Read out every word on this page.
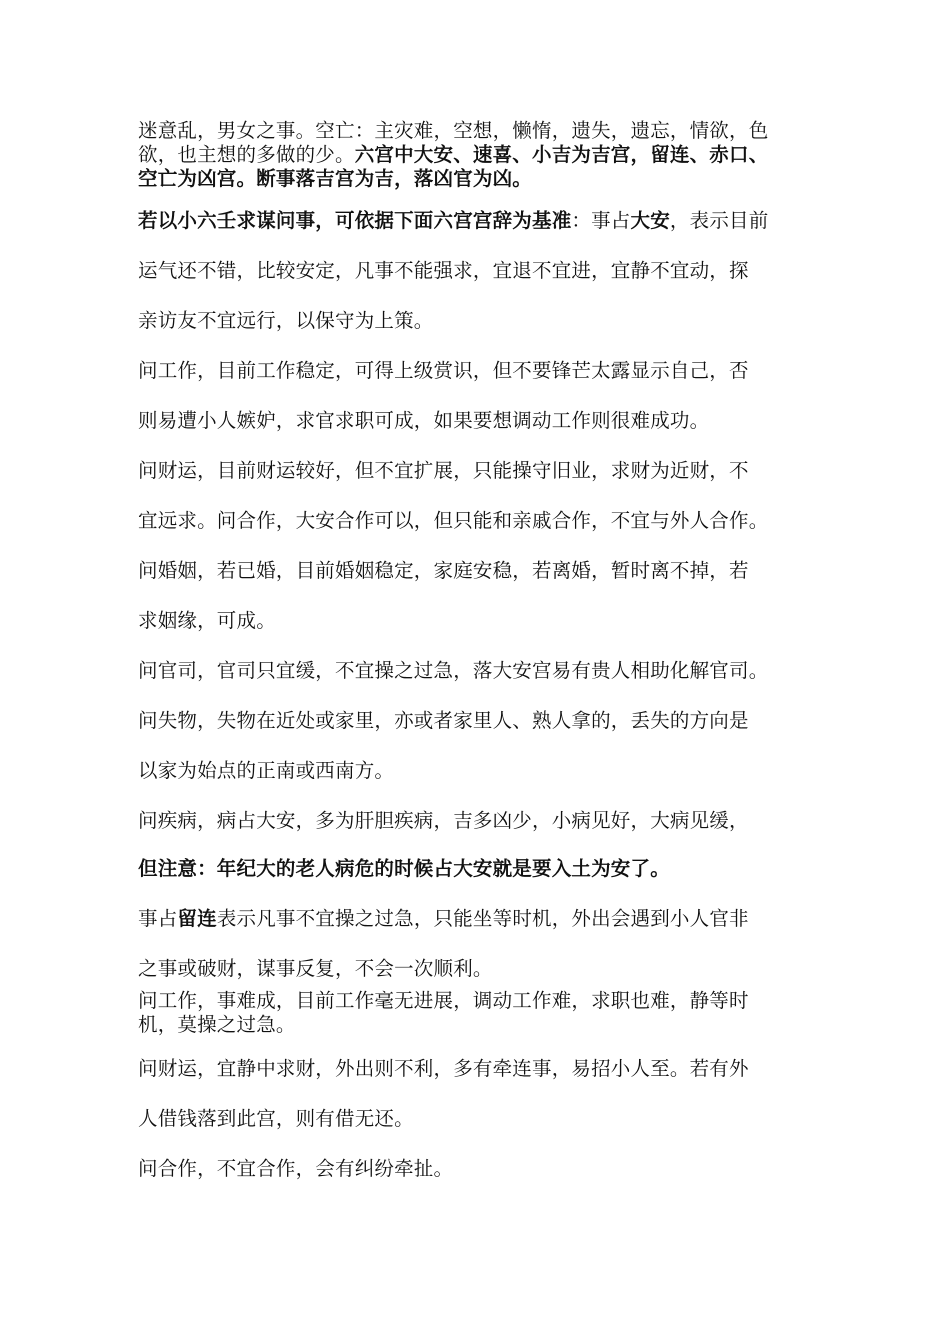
迷意乱，男女之事。空亡：主灾难，空想，懒惰，遗失，遗忘，情欲，色
欲，也主想的多做的少。六宫中大安、速喜、小吉为吉宫，留连、赤口、
空亡为凶宫。断事落吉宫为吉，落凶官为凶。
若以小六壬求谋问事，可依据下面六宫宫辞为基准：事占大安，表示目前
运气还不错，比较安定，凡事不能强求，宜退不宜进，宜静不宜动，探
亲访友不宜远行，以保守为上策。
问工作，目前工作稳定，可得上级赏识，但不要锋芒太露显示自己，否
则易遭小人嫉妒，求官求职可成，如果要想调动工作则很难成功。
问财运，目前财运较好，但不宜扩展，只能操守旧业，求财为近财，不
宜远求。问合作，大安合作可以，但只能和亲戚合作，不宜与外人合作。
问婚姻，若已婚，目前婚姻稳定，家庭安稳，若离婚，暂时离不掉，若
求姻缘，可成。
问官司，官司只宜缓，不宜操之过急，落大安宫易有贵人相助化解官司。
问失物，失物在近处或家里，亦或者家里人、熟人拿的，丢失的方向是
以家为始点的正南或西南方。
问疾病，病占大安，多为肝胆疾病，吉多凶少，小病见好，大病见缓，
但注意：年纪大的老人病危的时候占大安就是要入土为安了。
事占留连表示凡事不宜操之过急，只能坐等时机，外出会遇到小人官非
之事或破财，谋事反复，不会一次顺利。
问工作，事难成，目前工作毫无进展，调动工作难，求职也难，静等时
机，莫操之过急。
问财运，宜静中求财，外出则不利，多有牵连事，易招小人至。若有外
人借钱落到此宫，则有借无还。
问合作，不宜合作，会有纠纷牵扯。
